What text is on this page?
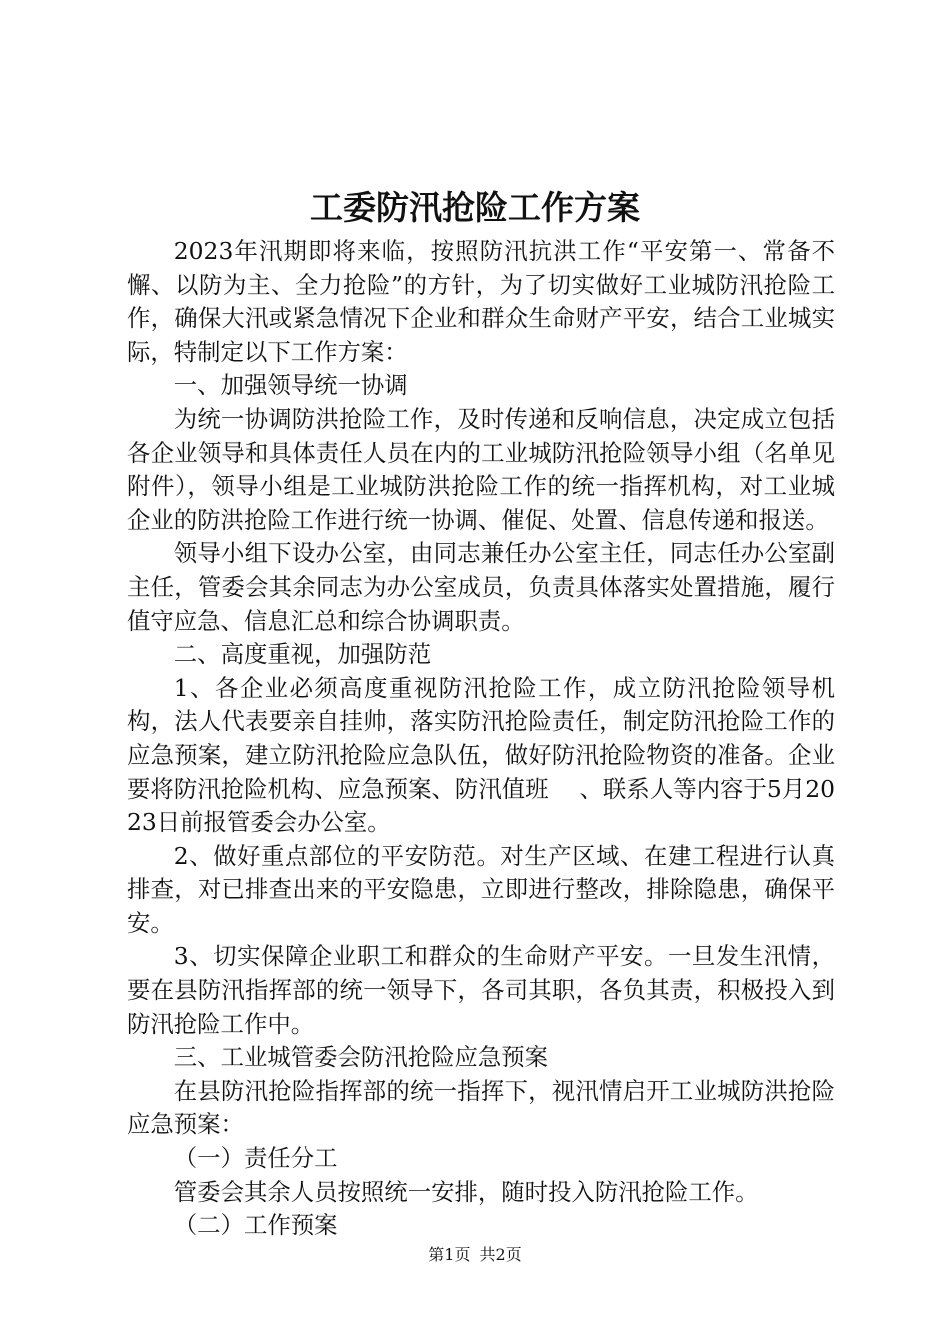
工委防汛抢险工作方案

2023年汛期即将来临，按照防汛抗洪工作“平安第一、常备不懈、以防为主、全力抢险”的方针，为了切实做好工业城防汛抢险工作，确保大汛或紧急情况下企业和群众生命财产平安，结合工业城实际，特制定以下工作方案：

一、加强领导统一协调

为统一协调防洪抢险工作，及时传递和反响信息，决定成立包括各企业领导和具体责任人员在内的工业城防汛抢险领导小组（名单见附件），领导小组是工业城防洪抢险工作的统一指挥机构，对工业城企业的防洪抢险工作进行统一协调、催促、处置、信息传递和报送。

领导小组下设办公室，由同志兼任办公室主任，同志任办公室副主任，管委会其余同志为办公室成员，负责具体落实处置措施，履行值守应急、信息汇总和综合协调职责。

二、高度重视，加强防范

1、各企业必须高度重视防汛抢险工作，成立防汛抢险领导机构，法人代表要亲自挂帅，落实防汛抢险责任，制定防汛抢险工作的应急预案，建立防汛抢险应急队伍，做好防汛抢险物资的准备。企业要将防汛抢险机构、应急预案、防汛值班　 、联系人等内容于5月2023日前报管委会办公室。

2、做好重点部位的平安防范。对生产区域、在建工程进行认真排查，对已排查出来的平安隐患，立即进行整改，排除隐患，确保平安。

3、切实保障企业职工和群众的生命财产平安。一旦发生汛情，要在县防汛指挥部的统一领导下，各司其职，各负其责，积极投入到防汛抢险工作中。

三、工业城管委会防汛抢险应急预案

在县防汛抢险指挥部的统一指挥下，视汛情启开工业城防洪抢险应急预案：

（一）责任分工

管委会其余人员按照统一安排，随时投入防汛抢险工作。

（二）工作预案

第1页 共2页
